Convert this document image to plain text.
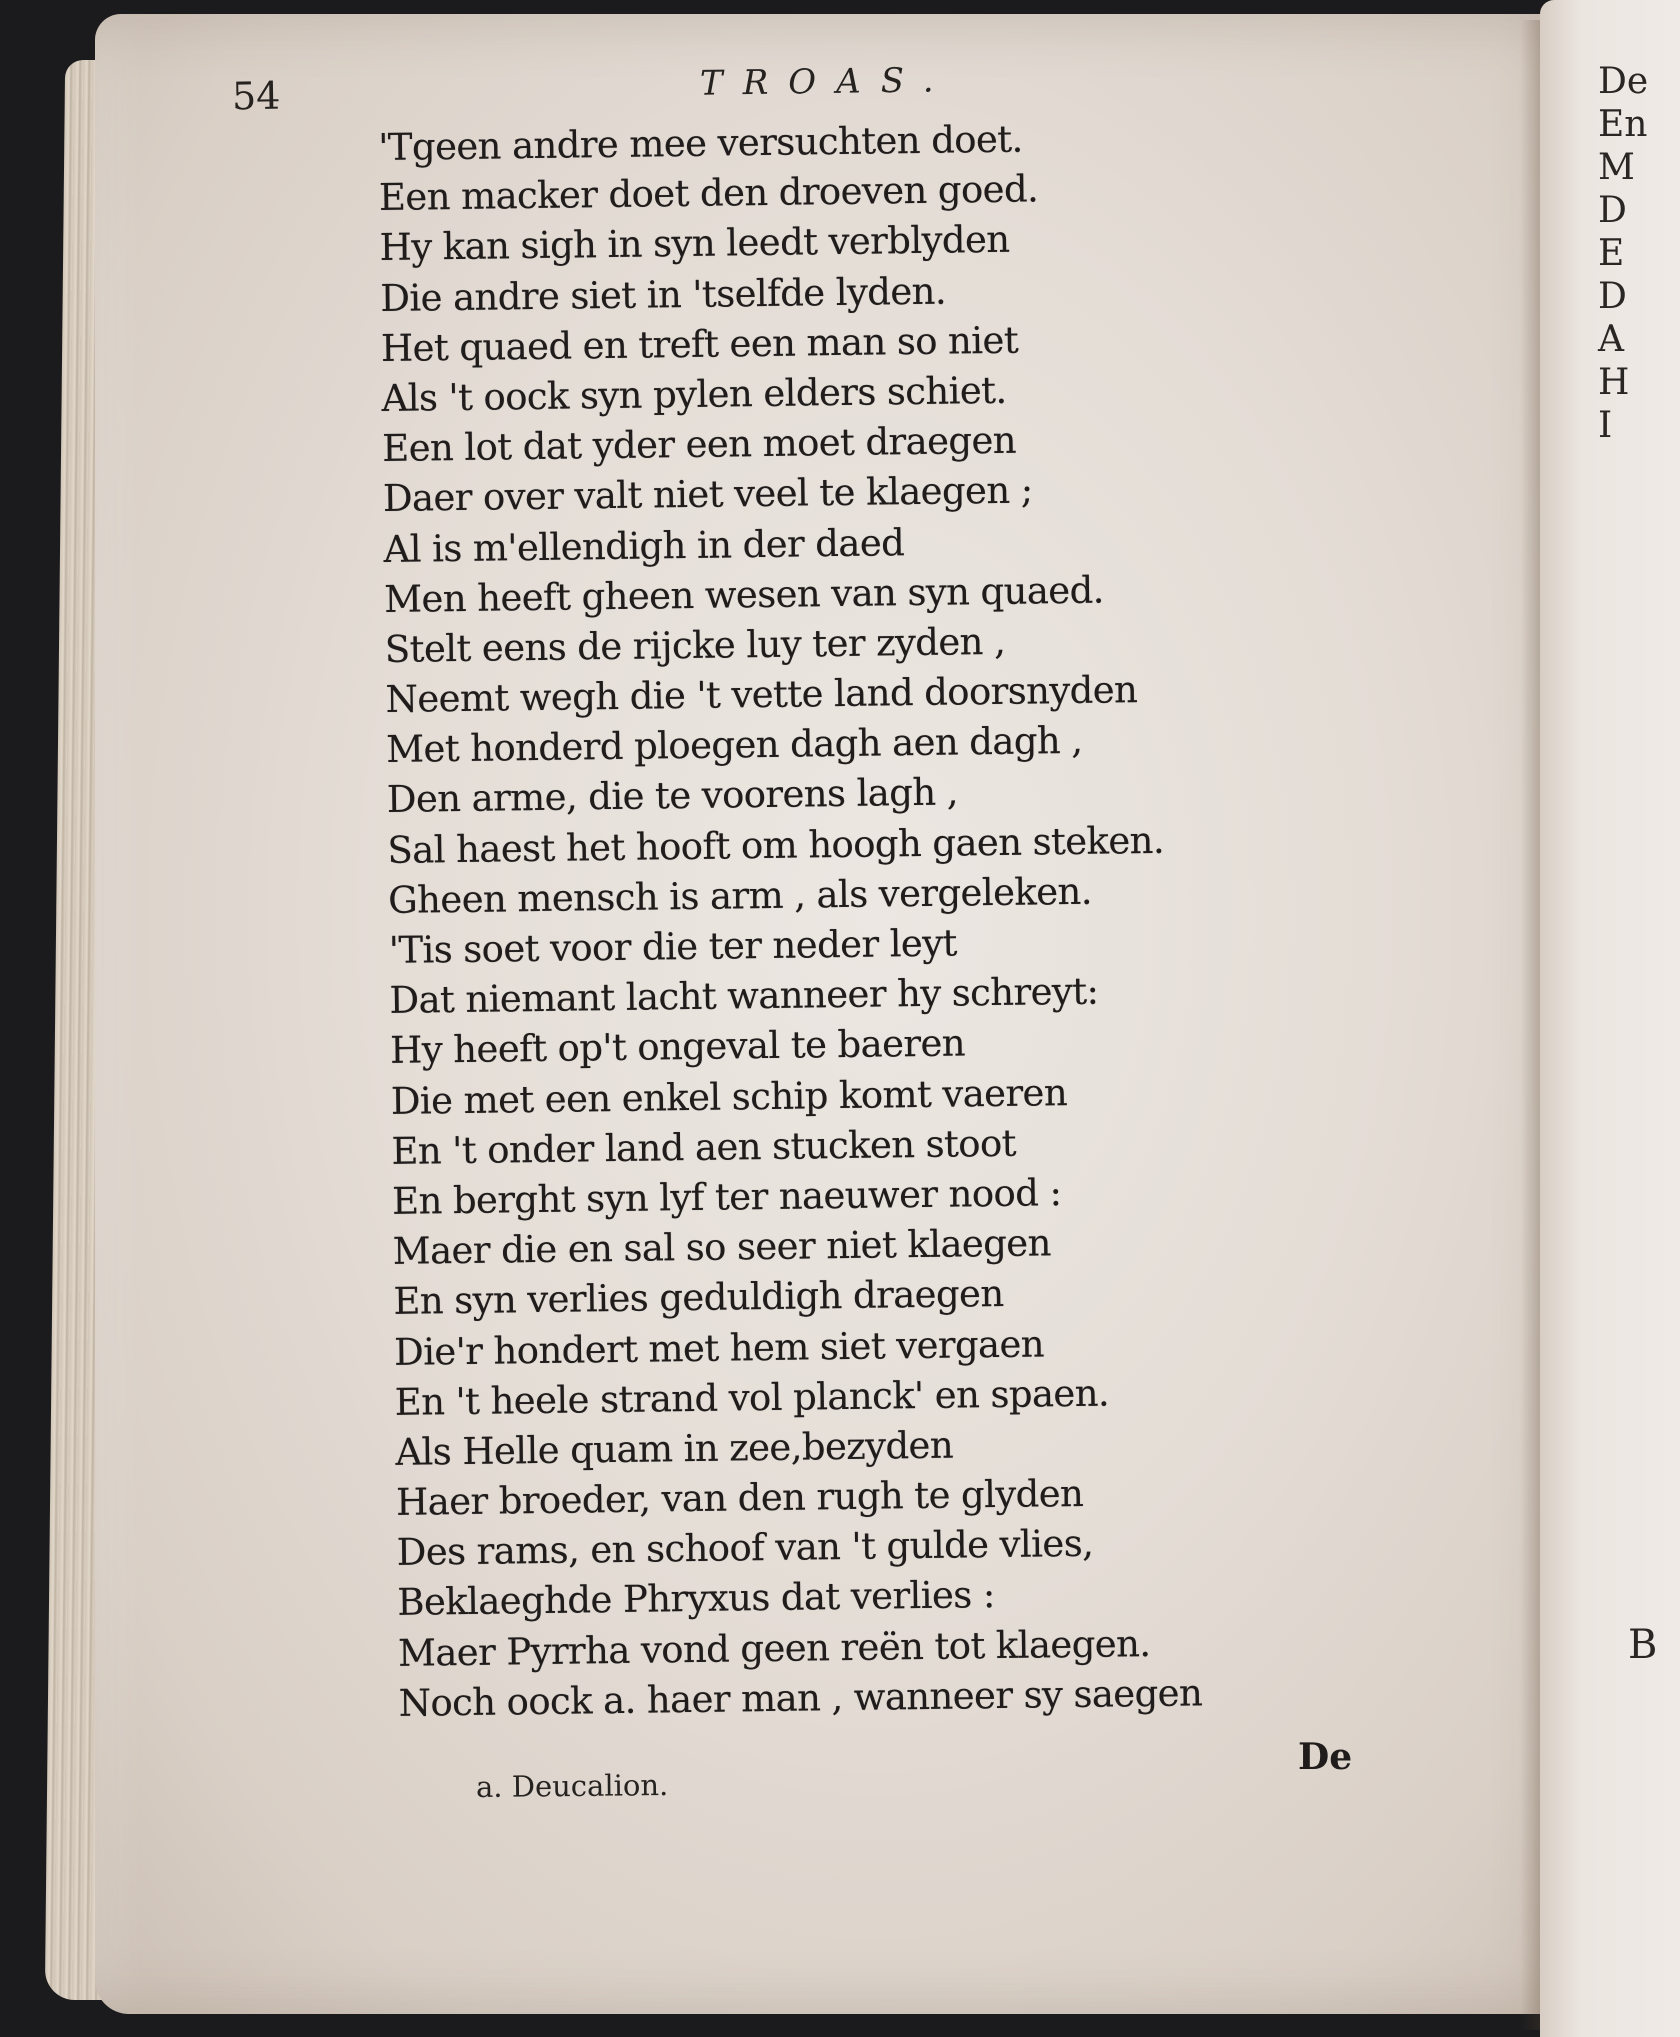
De
En
M
D
E
D
A
H
I
B
54	TROAS.
'Tgeen andre mee versuchten doet.
Een macker doet den droeven goed.
Hy kan sigh in syn leedt verblyden
Die andre siet in 'tselfde lyden.
Het quaed en treft een man so niet
Als 't oock syn pylen elders schiet.
Een lot dat yder een moet draegen
Daer over valt niet veel te klaegen ;
Al is m'ellendigh in der daed
Men heeft gheen wesen van syn quaed.
Stelt eens de rijcke luy ter zyden ,
Neemt wegh die 't vette land doorsnyden
Met honderd ploegen dagh aen dagh ,
Den arme, die te voorens lagh ,
Sal haest het hooft om hoogh gaen steken.
Gheen mensch is arm , als vergeleken.
'Tis soet voor die ter neder leyt
Dat niemant lacht wanneer hy schreyt:
Hy heeft op't ongeval te baeren
Die met een enkel schip komt vaeren
En 't onder land aen stucken stoot
En berght syn lyf ter naeuwer nood :
Maer die en sal so seer niet klaegen
En syn verlies geduldigh draegen
Die'r hondert met hem siet vergaen
En 't heele strand vol planck' en spaen.
Als Helle quam in zee,bezyden
Haer broeder, van den rugh te glyden
Des rams, en schoof van 't gulde vlies,
Beklaeghde Phryxus dat verlies :
Maer Pyrrha vond geen reën tot klaegen.
Noch oock a. haer man , wanneer sy saegen
a. Deucalion.
De
